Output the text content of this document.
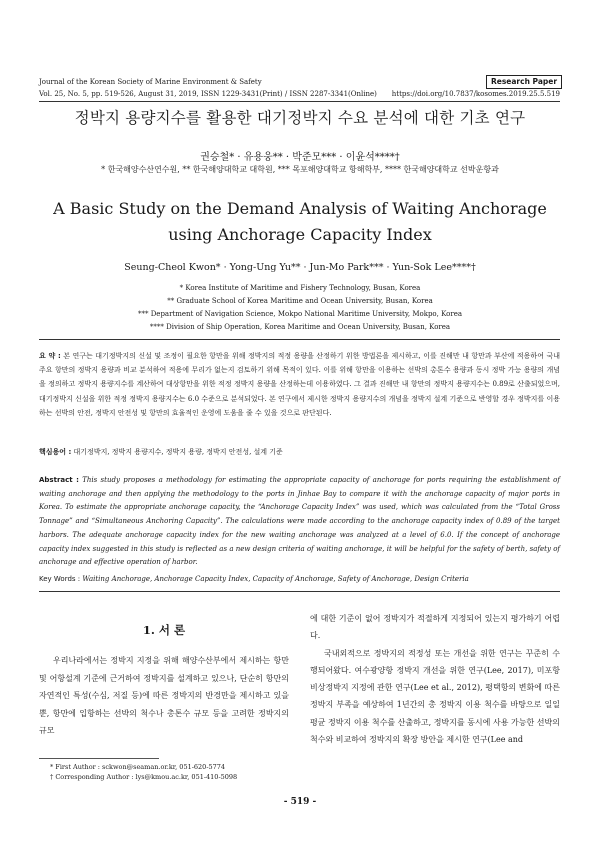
Journal of the Korean Society of Marine Environment & Safety	Research Paper
Vol. 25, No. 5, pp. 519-526, August 31, 2019, ISSN 1229-3431(Print) / ISSN 2287-3341(Online) https://doi.org/10.7837/kosomes.2019.25.5.519
정박지 용량지수를 활용한 대기정박지 수요 분석에 대한 기초 연구
권승철* · 유용웅** · 박준모*** · 이윤석****†
* 한국해양수산연수원, ** 한국해양대학교 대학원, *** 목포해양대학교 항해학부, **** 한국해양대학교 선박운항과
A Basic Study on the Demand Analysis of Waiting Anchorage
using Anchorage Capacity Index
Seung-Cheol Kwon* · Yong-Ung Yu** · Jun-Mo Park*** · Yun-Sok Lee****†
* Korea Institute of Maritime and Fishery Technology, Busan, Korea
** Graduate School of Korea Maritime and Ocean University, Busan, Korea
*** Department of Navigation Science, Mokpo National Maritime University, Mokpo, Korea
**** Division of Ship Operation, Korea Maritime and Ocean University, Busan, Korea
요 약 : 본 연구는 대기정박지의 신설 및 조정이 필요한 항만을 위해 정박지의 적정 용량을 산정하기 위한 방법론을 제시하고, 이를 진해만 내 항만과 부산에 적용하여 국내 주요 항만의 정박지 용량과 비교 분석하여 적용에 무리가 없는지 검토하기 위해 목적이 있다. 이를 위해 항만을 이용하는 선박의 총톤수 용량과 동시 정박 가능 용량의 개념을 정의하고 정박지 용량지수를 계산하여 대상항만을 위한 적정 정박지 용량을 산정하는데 이용하였다. 그 결과 진해만 내 항만의 정박지 용량지수는 0.89로 산출되었으며, 대기정박지 신설을 위한 적정 정박지 용량지수는 6.0 수준으로 분석되었다. 본 연구에서 제시한 정박지 용량지수의 개념을 정박지 설계 기준으로 반영할 경우 정박지를 이용하는 선박의 안전, 정박지 안전성 및 항만의 효율적인 운영에 도움을 줄 수 있을 것으로 판단된다.
핵심용어 : 대기정박지, 정박지 용량지수, 정박지 용량, 정박지 안전성, 설계 기준
Abstract : This study proposes a methodology for estimating the appropriate capacity of anchorage for ports requiring the establishment of waiting anchorage and then applying the methodology to the ports in Jinhae Bay to compare it with the anchorage capacity of major ports in Korea. To estimate the appropriate anchorage capacity, the “Anchorage Capacity Index” was used, which was calculated from the “Total Gross Tonnage” and “Simultaneous Anchoring Capacity”. The calculations were made according to the anchorage capacity index of 0.89 of the target harbors. The adequate anchorage capacity index for the new waiting anchorage was analyzed at a level of 6.0. If the concept of anchorage capacity index suggested in this study is reflected as a new design criteria of waiting anchorage, it will be helpful for the safety of berth, safety of anchorage and effective operation of harbor.
Key Words : Waiting Anchorage, Anchorage Capacity Index, Capacity of Anchorage, Safety of Anchorage, Design Criteria
1. 서 론

우리나라에서는 정박지 지정을 위해 해양수산부에서 제시하는 항만 및 어항설계 기준에 근거하여 정박지를 설계하고 있으나, 단순히 항만의 자연적인 특성(수심, 저질 등)에 따른 정박지의 반경만을 제시하고 있을 뿐, 항만에 입항하는 선박의 척수나 총톤수 규모 등을 고려한 정박지의 규모

에 대한 기준이 없어 정박지가 적절하게 지정되어 있는지 평가하기 어렵다.

국내외적으로 정박지의 적정성 또는 개선을 위한 연구는 꾸준히 수행되어왔다. 여수광양항 정박지 개선을 위한 연구(Lee, 2017), 미포항 비상정박지 지정에 관한 연구(Lee et al., 2012), 평택항의 변화에 따른 정박지 부족을 예상하여 1년간의 총 정박지 이용 척수를 바탕으로 일일 평균 정박지 이용 척수를 산출하고, 정박지를 동시에 사용 가능한 선박의 척수와 비교하여 정박지의 확장 방안을 제시한 연구(Lee and

* First Author : sckwon@seaman.or.kr, 051-620-5774
† Corresponding Author : lys@kmou.ac.kr, 051-410-5098
- 519 -
